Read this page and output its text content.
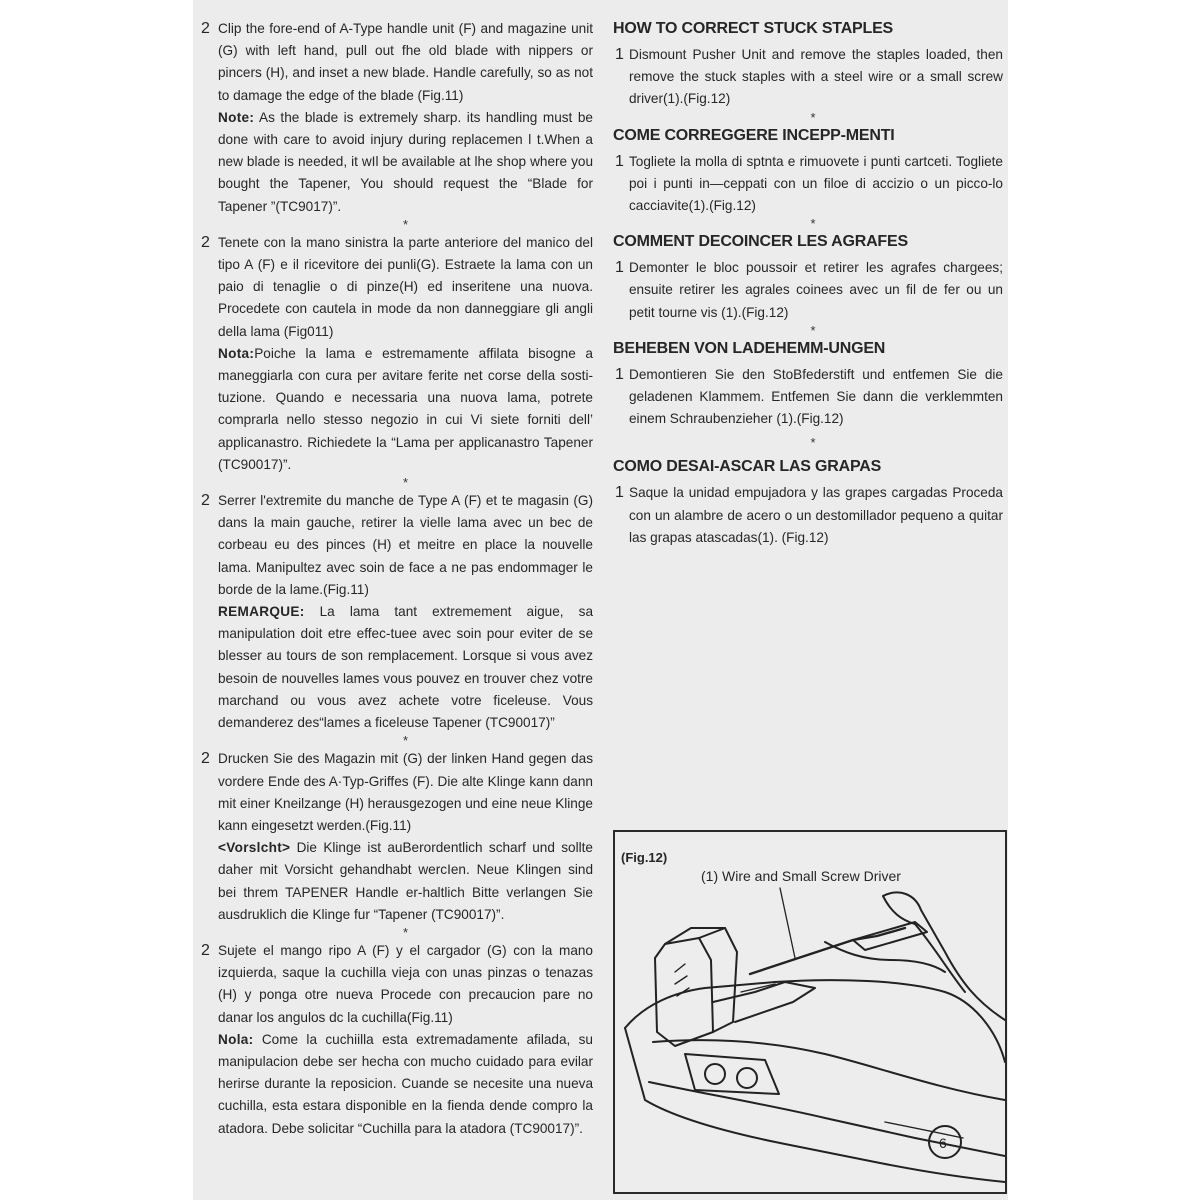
2 Clip the fore-end of A-Type handle unit (F) and magazine unit (G) with left hand, pull out fhe old blade with nippers or pincers (H), and inset a new blade. Handle carefully, so as not to damage the edge of the blade (Fig.11)

Note: As the blade is extremely sharp. its handling must be done with care to avoid injury during replacemen l t.When a new blade is needed, it wIl be available at lhe shop where you bought the Tapener, You should request the “Blade for Tapener ”(TC9017)”.

*

2 Tenete con la mano sinistra la parte anteriore del manico del tipo A (F) e il ricevitore dei punli(G). Estraete la lama con un paio di tenaglie o di pinze(H) ed inseritene una nuova. Procedete con cautela in mode da non danneggiare gli angli della lama (Fig011)

Nota:Poiche la lama e estremamente affilata bisogne a maneggiarla con cura per avitare ferite net corse della sosti-tuzione. Quando e necessaria una nuova lama, potrete comprarla nello stesso negozio in cui Vi siete forniti dell’ applicanastro. Richiedete la “Lama per applicanastro Tapener (TC90017)”.

*

2 Serrer l'extremite du manche de Type A (F) et te magasin (G) dans la main gauche, retirer la vielle lama avec un bec de corbeau eu des pinces (H) et meitre en place la nouvelle lama. Manipultez avec soin de face a ne pas endommager le borde de la lame.(Fig.11)

REMARQUE: La lama tant extremement aigue, sa manipulation doit etre effec-tuee avec soin pour eviter de se blesser au tours de son remplacement. Lorsque si vous avez besoin de nouvelles lames vous pouvez en trouver chez votre marchand ou vous avez achete votre ficeleuse. Vous demanderez des“lames a ficeleuse Tapener (TC90017)”

*

2 Drucken Sie des Magazin mit (G) der linken Hand gegen das vordere Ende des A·Typ-Griffes (F). Die alte Klinge kann dann mit einer Kneilzange (H) herausgezogen und eine neue Klinge kann eingesetzt werden.(Fig.11)

<Vorslcht> Die Klinge ist auBerordentlich scharf und sollte daher mit Vorsicht gehandhabt wercIen. Neue Klingen sind bei threm TAPENER Handle er-haltlich Bitte verlangen Sie ausdruklich die Klinge fur “Tapener (TC90017)”.

*

2 Sujete el mango ripo A (F) y el cargador (G) con la mano izquierda, saque la cuchilla vieja con unas pinzas o tenazas (H) y ponga otre nueva Procede con precaucion pare no danar los angulos dc la cuchilla(Fig.11)

Nola: Come la cuchiilla esta extremadamente afilada, su manipulacion debe ser hecha con mucho cuidado para evilar herirse durante la reposicion. Cuande se necesite una nueva cuchilla, esta estara disponible en la fienda dende compro la atadora. Debe solicitar “Cuchilla para la atadora (TC90017)”.

HOW TO CORRECT STUCK STAPLES
1 Dismount Pusher Unit and remove the staples loaded, then remove the stuck staples with a steel wire or a small screw driver(1).(Fig.12)

*

COME CORREGGERE INCEPP-MENTI
1 Togliete la molla di sptnta e rimuovete i punti cartceti. Togliete poi i punti in—ceppati con un filoe di accizio o un picco-lo cacciavite(1).(Fig.12)

*

COMMENT DECOINCER LES AGRAFES
1 Demonter le bloc poussoir et retirer les agrafes chargees; ensuite retirer les agrales coinees avec un fil de fer ou un petit tourne vis (1).(Fig.12)

*

BEHEBEN VON LADEHEMM-UNGEN
1 Demontieren Sie den StoBfederstift und entfemen Sie die geladenen Klammem. Entfemen Sie dann die verklemmten einem Schraubenzieher (1).(Fig.12)

*

COMO DESAI-ASCAR LAS GRAPAS
1 Saque la unidad empujadora y las grapes cargadas Proceda con un alambre de acero o un destomillador pequeno a quitar las grapas atascadas(1). (Fig.12)

(Fig.12)
(1) Wire and Small Screw Driver
6
